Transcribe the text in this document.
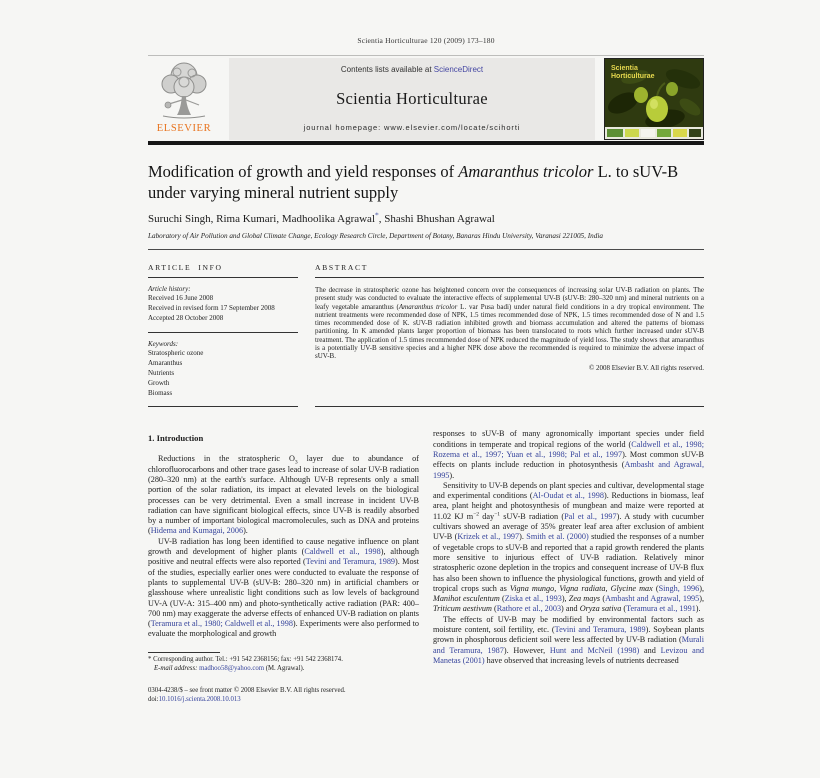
Scientia Horticulturae 120 (2009) 173–180
ELSEVIER
Contents lists available at ScienceDirect
Scientia Horticulturae
journal homepage: www.elsevier.com/locate/scihorti
Scientia
Horticulturae
Modification of growth and yield responses of Amaranthus tricolor L. to sUV-B under varying mineral nutrient supply
Suruchi Singh, Rima Kumari, Madhoolika Agrawal*, Shashi Bhushan Agrawal
Laboratory of Air Pollution and Global Climate Change, Ecology Research Circle, Department of Botany, Banaras Hindu University, Varanasi 221005, India
ARTICLE INFO
Article history:
Received 16 June 2008
Received in revised form 17 September 2008
Accepted 28 October 2008
Keywords:
Stratospheric ozone
Amaranthus
Nutrients
Growth
Biomass
ABSTRACT

The decrease in stratospheric ozone has heightened concern over the consequences of increasing solar UV-B radiation on plants. The present study was conducted to evaluate the interactive effects of supplemental UV-B (sUV-B: 280–320 nm) and mineral nutrients on a leafy vegetable amaranthus (Amaranthus tricolor L. var Pusa badi) under natural field conditions in a dry tropical environment. The nutrient treatments were recommended dose of NPK, 1.5 times recommended dose of NPK, 1.5 times recommended dose of N and 1.5 times recommended dose of K. sUV-B radiation inhibited growth and biomass accumulation and altered the patterns of biomass partitioning. In K amended plants larger proportion of biomass has been translocated to roots which further increased under sUV-B treatment. The application of 1.5 times recommended dose of NPK reduced the magnitude of yield loss. The study shows that amaranthus is a potentially UV-B sensitive species and a higher NPK dose above the recommended is required to minimize the adverse impact of sUV-B.

© 2008 Elsevier B.V. All rights reserved.
1. Introduction

Reductions in the stratospheric $O_3$ layer due to abundance of chlorofluorocarbons and other trace gases lead to increase of solar UV-B radiation (280–320 nm) at the earth's surface. Although UV-B represents only a small portion of the solar radiation, its impact at elevated levels on the biological processes can be very detrimental. Even a small increase in incident UV-B radiation can have significant biological effects, since UV-B is readily absorbed by a number of important biological macromolecules, such as DNA and proteins (Hidema and Kumagai, 2006).

UV-B radiation has long been identified to cause negative influence on plant growth and development of higher plants (Caldwell et al., 1998), although positive and neutral effects were also reported (Tevini and Teramura, 1989). Most of the studies, especially earlier ones were conducted to evaluate the response of plants to supplemental UV-B (sUV-B: 280–320 nm) in artificial chambers or glasshouse where unrealistic light conditions such as low levels of background UV-A (UV-A: 315–400 nm) and photo-synthetically active radiation (PAR: 400–700 nm) may exaggerate the adverse effects of enhanced UV-B radiation on plants (Teramura et al., 1980; Caldwell et al., 1998). Experiments were also performed to evaluate the morphological and growth

* Corresponding author. Tel.: +91 542 2368156; fax: +91 542 2368174.
E-mail address: madhoo58@yahoo.com (M. Agrawal).
0304-4238/$ – see front matter © 2008 Elsevier B.V. All rights reserved.
doi:10.1016/j.scienta.2008.10.013

responses to sUV-B of many agronomically important species under field conditions in temperate and tropical regions of the world (Caldwell et al., 1998; Rozema et al., 1997; Yuan et al., 1998; Pal et al., 1997). Most common sUV-B effects on plants include reduction in photosynthesis (Ambasht and Agrawal, 1995).

Sensitivity to UV-B depends on plant species and cultivar, developmental stage and experimental conditions (Al-Oudat et al., 1998). Reductions in biomass, leaf area, plant height and photosynthesis of mungbean and maize were reported at 11.02 KJ $m^{-2}$ day$^{-1}$ sUV-B radiation (Pal et al., 1997). A study with cucumber cultivars showed an average of 35% greater leaf area after exclusion of ambient UV-B (Krizek et al., 1997). Smith et al. (2000) studied the responses of a number of vegetable crops to sUV-B and reported that a rapid growth rendered the plants more sensitive to injurious effect of UV-B radiation. Relatively minor stratospheric ozone depletion in the tropics and consequent increase of UV-B flux has also been shown to influence the physiological functions, growth and yield of tropical crops such as Vigna mungo, Vigna radiata, Glycine max (Singh, 1996), Manihot esculentum (Ziska et al., 1993), Zea mays (Ambasht and Agrawal, 1995), Triticum aestivum (Rathore et al., 2003) and Oryza sativa (Teramura et al., 1991).

The effects of UV-B may be modified by environmental factors such as moisture content, soil fertility, etc. (Tevini and Teramura, 1989). Soybean plants grown in phosphorous deficient soil were less affected by UV-B radiation (Murali and Teramura, 1987). However, Hunt and McNeil (1998) and Levizou and Manetas (2001) have observed that increasing levels of nutrients decreased
